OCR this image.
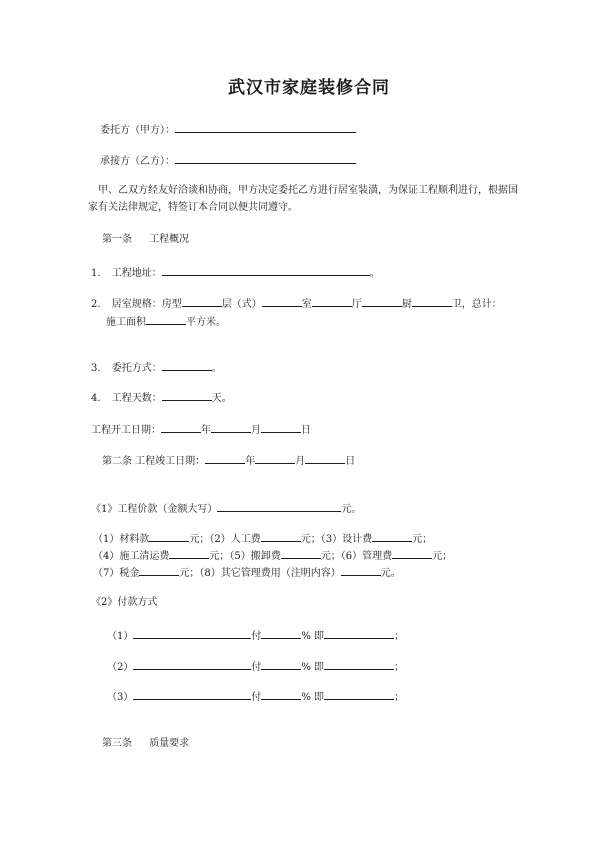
武汉市家庭装修合同
委托方（甲方）：
承接方（乙方）：
甲、乙双方经友好洽谈和协商，甲方决定委托乙方进行居室装潢，为保证工程顺利进行，根据国家有关法律规定，特签订本合同以便共同遵守。
第一条 工程概况
1. 工程地址：	。
2. 居室规格：房型	层（式）	室	厅	厨	卫，总计：
施工面积	平方米。
3. 委托方式：	。
4. 工程天数：	天。
工程开工日期：	年	月	日
第二条 工程竣工日期：	年	月	日
《1》工程价款（金额大写）	元。
（1）材料款	元；（2）人工费	元；（3）设计费	元；
（4）施工清运费	元；（5）搬卸费	元；（6）管理费	元；
（7）税金	元；（8）其它管理费用（注明内容）	元。
《2》付款方式
（1）	付	% 即	；
（2）	付	% 即	；
（3）	付	% 即	；
第三条 质量要求
